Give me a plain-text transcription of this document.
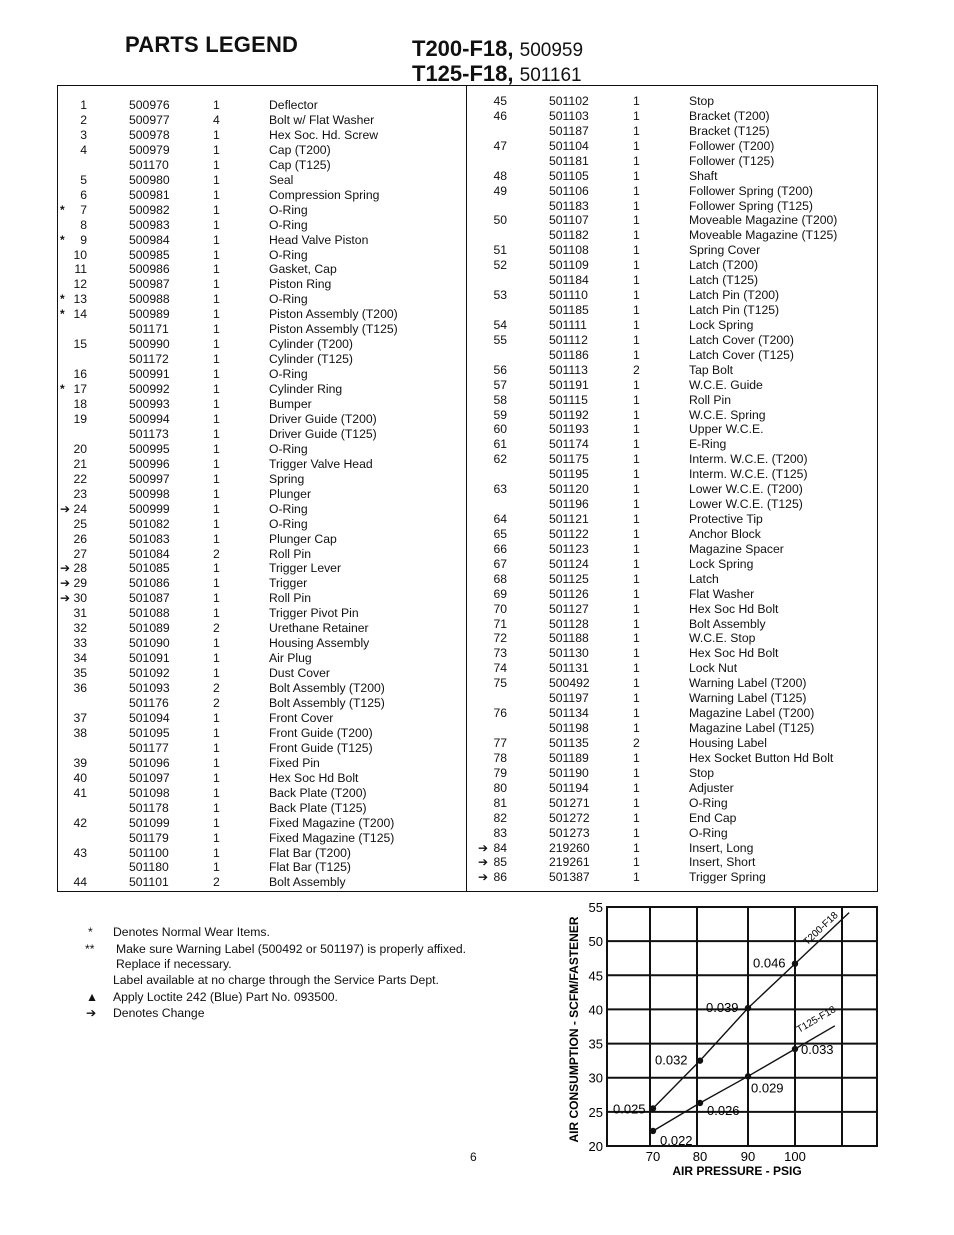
PARTS LEGEND	T200-F18, 500959
T125-F18, 501161
1	500976	1	Deflector
2	500977	4	Bolt w/ Flat Washer
3	500978	1	Hex Soc. Hd. Screw
4	500979	1	Cap (T200)
501170	1	Cap (T125)
5	500980	1	Seal
6	500981	1	Compression Spring
*	7	500982	1	O-Ring
8	500983	1	O-Ring
*	9	500984	1	Head Valve Piston
10	500985	1	O-Ring
11	500986	1	Gasket, Cap
12	500987	1	Piston Ring
* 13	500988	1	O-Ring
* 14	500989	1	Piston Assembly (T200)
501171	1	Piston Assembly (T125)
15	500990	1	Cylinder (T200)
501172	1	Cylinder (T125)
16	500991	1	O-Ring
* 17	500992	1	Cylinder Ring
18	500993	1	Bumper
19	500994	1	Driver Guide (T200)
501173	1	Driver Guide (T125)
20	500995	1	O-Ring
21	500996	1	Trigger Valve Head
22	500997	1	Spring
23	500998	1	Plunger
➔ 24	500999	1	O-Ring
25	501082	1	O-Ring
26	501083	1	Plunger Cap
27	501084	2	Roll Pin
➔ 28	501085	1	Trigger Lever
➔ 29	501086	1	Trigger
➔ 30	501087	1	Roll Pin
31	501088	1	Trigger Pivot Pin
32	501089	2	Urethane Retainer
33	501090	1	Housing Assembly
34	501091	1	Air Plug
35	501092	1	Dust Cover
36	501093	2	Bolt Assembly (T200)
501176	2	Bolt Assembly (T125)
37	501094	1	Front Cover
38	501095	1	Front Guide (T200)
501177	1	Front Guide (T125)
39	501096	1	Fixed Pin
40	501097	1	Hex Soc Hd Bolt
41	501098	1	Back Plate (T200)
501178	1	Back Plate (T125)
42	501099	1	Fixed Magazine (T200)
501179	1	Fixed Magazine (T125)
43	501100	1	Flat Bar (T200)
501180	1	Flat Bar (T125)
44	501101	2	Bolt Assembly
45	501102	1	Stop
46	501103	1	Bracket (T200)
501187	1	Bracket (T125)
47	501104	1	Follower (T200)
501181	1	Follower (T125)
48	501105	1	Shaft
49	501106	1	Follower Spring (T200)
501183	1	Follower Spring (T125)
50	501107	1	Moveable Magazine (T200)
501182	1	Moveable Magazine (T125)
51	501108	1	Spring Cover
52	501109	1	Latch (T200)
501184	1	Latch (T125)
53	501110	1	Latch Pin (T200)
501185	1	Latch Pin (T125)
54	501111	1	Lock Spring
55	501112	1	Latch Cover (T200)
501186	1	Latch Cover (T125)
56	501113	2	Tap Bolt
57	501191	1	W.C.E. Guide
58	501115	1	Roll Pin
59	501192	1	W.C.E. Spring
60	501193	1	Upper W.C.E.
61	501174	1	E-Ring
62	501175	1	Interm. W.C.E. (T200)
501195	1	Interm. W.C.E. (T125)
63	501120	1	Lower W.C.E. (T200)
501196	1	Lower W.C.E. (T125)
64	501121	1	Protective Tip
65	501122	1	Anchor Block
66	501123	1	Magazine Spacer
67	501124	1	Lock Spring
68	501125	1	Latch
69	501126	1	Flat Washer
70	501127	1	Hex Soc Hd Bolt
71	501128	1	Bolt Assembly
72	501188	1	W.C.E. Stop
73	501130	1	Hex Soc Hd Bolt
74	501131	1	Lock Nut
75	500492	1	Warning Label (T200)
501197	1	Warning Label (T125)
76	501134	1	Magazine Label (T200)
501198	1	Magazine Label (T125)
77	501135	2	Housing Label
78	501189	1	Hex Socket Button Hd Bolt
79	501190	1	Stop
80	501194	1	Adjuster
81	501271	1	O-Ring
82	501272	1	End Cap
83	501273	1	O-Ring
➔ 84	219260	1	Insert, Long
➔ 85	219261	1	Insert, Short
➔ 86	501387	1	Trigger Spring
* Denotes Normal Wear Items.
** Make sure Warning Label (500492 or 501197) is properly affixed.
Replace if necessary.
Label available at no charge through the Service Parts Dept.
▲ Apply Loctite 242 (Blue) Part No. 093500.
➔ Denotes Change
6
20
25
30
35
40
45
50
55
70	80	90 100
AIR PRESSURE - PSIG
AIR CONSUMPTION - SCFM/FASTENER 0.025
0.032
0.039
0.046
T200-F18
0.022
0.026
0.029
0.033
T125-F18
